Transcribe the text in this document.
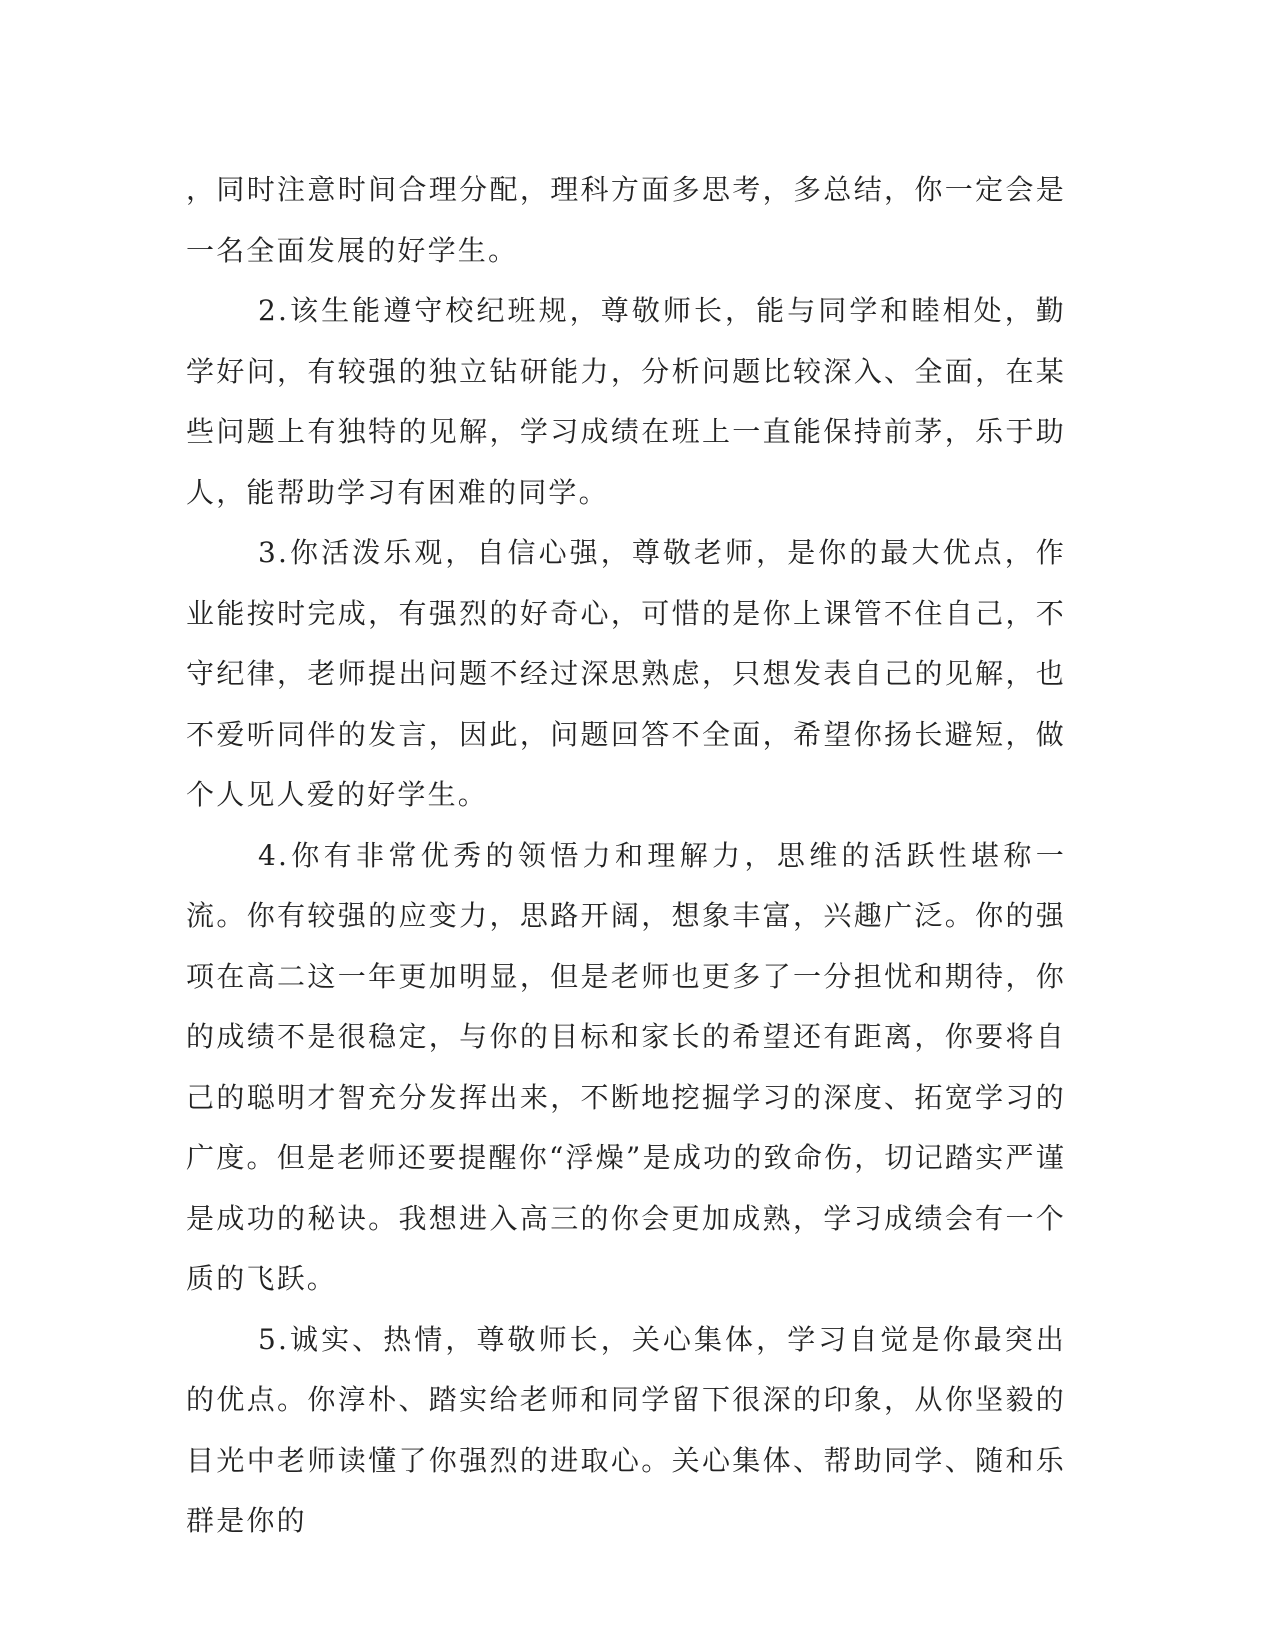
，同时注意时间合理分配，理科方面多思考，多总结，你一定会是一名全面发展的好学生。

2.该生能遵守校纪班规，尊敬师长，能与同学和睦相处，勤学好问，有较强的独立钻研能力，分析问题比较深入、全面，在某些问题上有独特的见解，学习成绩在班上一直能保持前茅，乐于助人，能帮助学习有困难的同学。

3.你活泼乐观，自信心强，尊敬老师，是你的最大优点，作业能按时完成，有强烈的好奇心，可惜的是你上课管不住自己，不守纪律，老师提出问题不经过深思熟虑，只想发表自己的见解，也不爱听同伴的发言，因此，问题回答不全面，希望你扬长避短，做个人见人爱的好学生。

4.你有非常优秀的领悟力和理解力，思维的活跃性堪称一流。你有较强的应变力，思路开阔，想象丰富，兴趣广泛。你的强项在高二这一年更加明显，但是老师也更多了一分担忧和期待，你的成绩不是很稳定，与你的目标和家长的希望还有距离，你要将自己的聪明才智充分发挥出来，不断地挖掘学习的深度、拓宽学习的广度。但是老师还要提醒你“浮燥”是成功的致命伤，切记踏实严谨是成功的秘诀。我想进入高三的你会更加成熟，学习成绩会有一个质的飞跃。

5.诚实、热情，尊敬师长，关心集体，学习自觉是你最突出的优点。你淳朴、踏实给老师和同学留下很深的印象，从你坚毅的目光中老师读懂了你强烈的进取心。关心集体、帮助同学、随和乐群是你的
